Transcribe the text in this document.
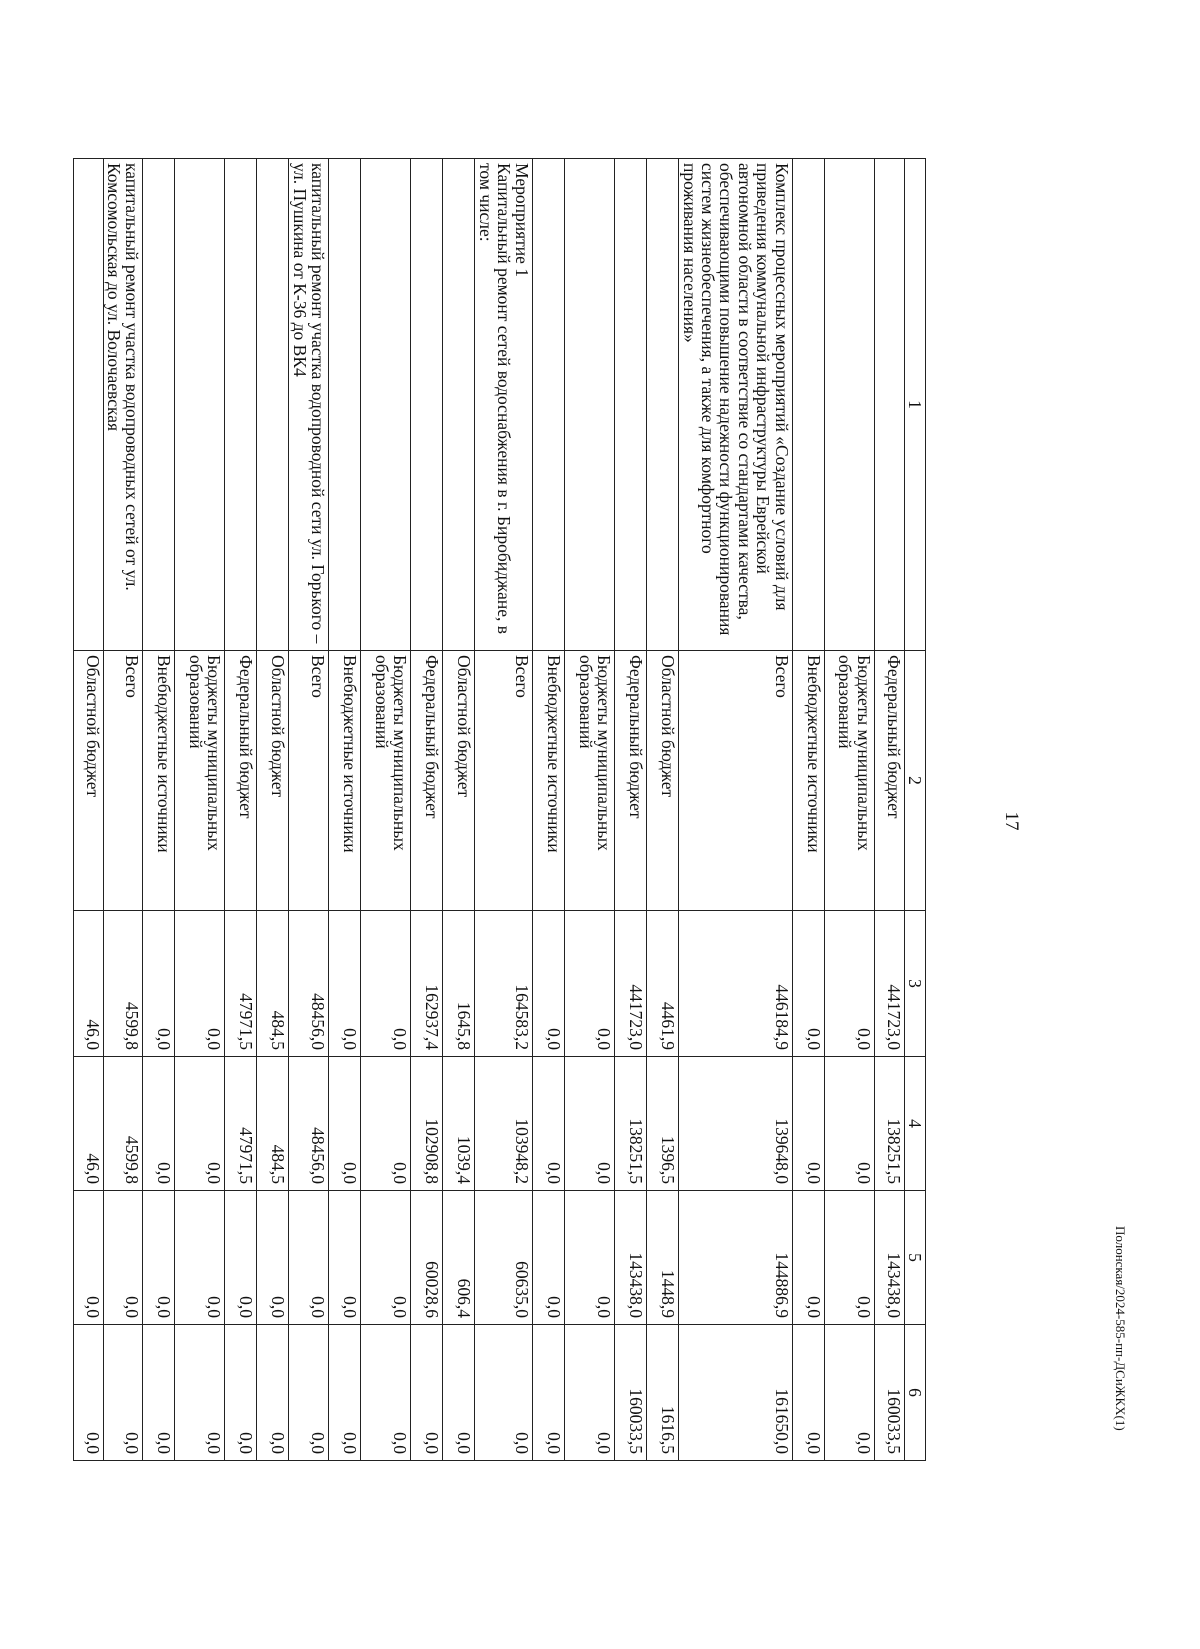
17
Полонская/2024-585-пп-ДСиЖКХ(1)
1	2	3	4	5	6
	Федеральный бюджет	441723,0	138251,5	143438,0	160033,5
	Бюджеты муниципальных образований	0,0	0,0	0,0	0,0
	Внебюджетные источники	0,0	0,0	0,0	0,0
Комплекс процессных мероприятий «Создание условий для приведения коммунальной инфраструктуры Еврейской автономной области в соответствие со стандартами качества, обеспечивающими повышение надежности функционирования систем жизнеобеспечения, а также для комфортного проживания населения»	Всего	446184,9	139648,0	144886,9	161650,0
	Областной бюджет	4461,9	1396,5	1448,9	1616,5
	Федеральный бюджет	441723,0	138251,5	143438,0	160033,5
	Бюджеты муниципальных образований	0,0	0,0	0,0	0,0
	Внебюджетные источники	0,0	0,0	0,0	0,0
Мероприятие 1
Капитальный ремонт сетей водоснабжения в г. Биробиджане, в том числе:	Всего	164583,2	103948,2	60635,0	0,0
	Областной бюджет	1645,8	1039,4	606,4	0,0
	Федеральный бюджет	162937,4	102908,8	60028,6	0,0
	Бюджеты муниципальных образований	0,0	0,0	0,0	0,0
	Внебюджетные источники	0,0	0,0	0,0	0,0
капитальный ремонт участка водопроводной сети ул. Горького – ул. Пушкина от К-36 до ВК4	Всего	48456,0	48456,0	0,0	0,0
	Областной бюджет	484,5	484,5	0,0	0,0
	Федеральный бюджет	47971,5	47971,5	0,0	0,0
	Бюджеты муниципальных образований	0,0	0,0	0,0	0,0
	Внебюджетные источники	0,0	0,0	0,0	0,0
капитальный ремонт участка водопроводных сетей от ул. Комсомольская до ул. Волочаевская	Всего	4599,8	4599,8	0,0	0,0
	Областной бюджет	46,0	46,0	0,0	0,0
